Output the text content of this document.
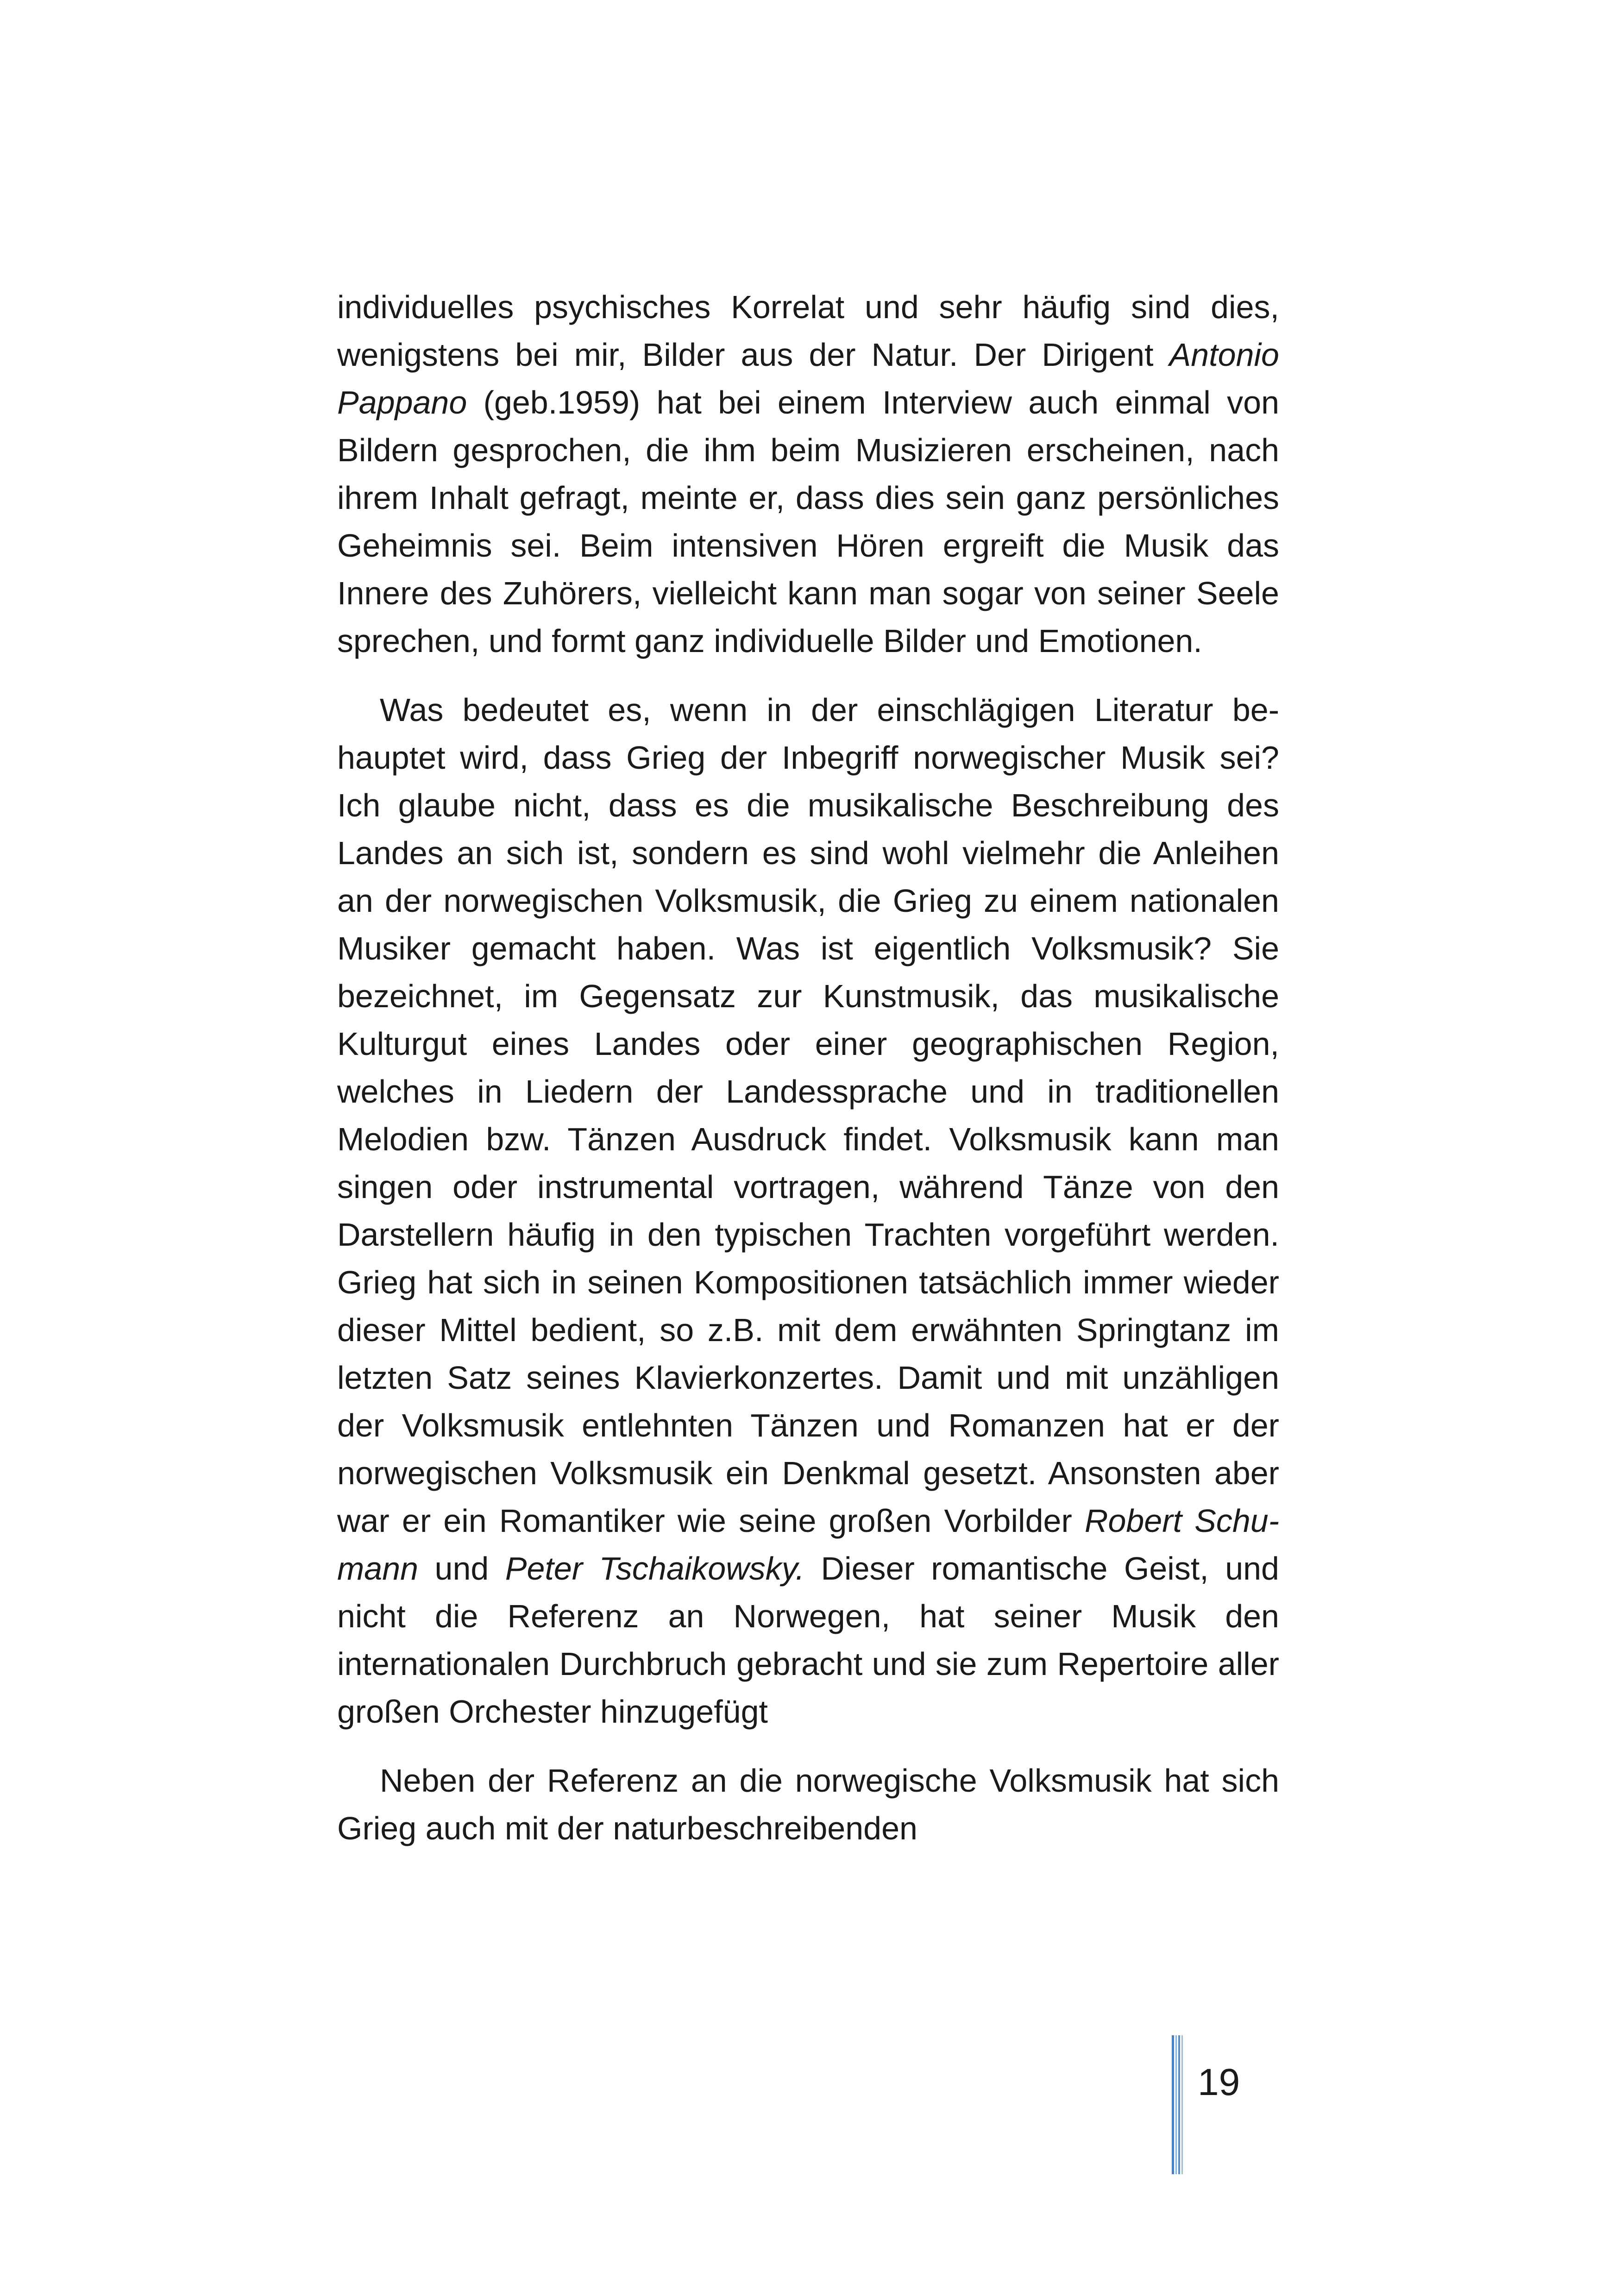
individuelles psychisches Korrelat und sehr häufig sind dies, wenigstens bei mir, Bilder aus der Natur. Der Dirigent Antonio Pappano (geb.1959) hat bei einem Interview auch einmal von Bildern gesprochen, die ihm beim Musizieren erscheinen, nach ihrem Inhalt gefragt, meinte er, dass dies sein ganz persönliches Geheimnis sei. Beim intensiven Hören ergreift die Musik das Innere des Zuhörers, vielleicht kann man sogar von seiner Seele sprechen, und formt ganz individuelle Bilder und Emotionen.

Was bedeutet es, wenn in der einschlägigen Literatur behauptet wird, dass Grieg der Inbegriff norwegischer Musik sei? Ich glaube nicht, dass es die musikalische Beschreibung des Landes an sich ist, sondern es sind wohl vielmehr die Anleihen an der norwegischen Volksmusik, die Grieg zu einem nationalen Musiker gemacht haben. Was ist eigentlich Volksmusik? Sie bezeichnet, im Gegensatz zur Kunstmusik, das musikalische Kulturgut eines Landes oder einer geographischen Region, welches in Liedern der Landessprache und in traditionellen Melodien bzw. Tänzen Ausdruck findet. Volksmusik kann man singen oder instrumental vortragen, während Tänze von den Darstellern häufig in den typischen Trachten vorgeführt werden. Grieg hat sich in seinen Kompositionen tatsächlich immer wieder dieser Mittel bedient, so z.B. mit dem erwähnten Springtanz im letzten Satz seines Klavierkonzertes. Damit und mit unzähligen der Volksmusik entlehnten Tänzen und Romanzen hat er der norwegischen Volksmusik ein Denkmal gesetzt. Ansonsten aber war er ein Romantiker wie seine großen Vorbilder Robert Schumann und Peter Tschaikowsky. Dieser romantische Geist, und nicht die Referenz an Norwegen, hat seiner Musik den internationalen Durchbruch gebracht und sie zum Repertoire aller großen Orchester hinzugefügt

Neben der Referenz an die norwegische Volksmusik hat sich Grieg auch mit der naturbeschreibenden

19
